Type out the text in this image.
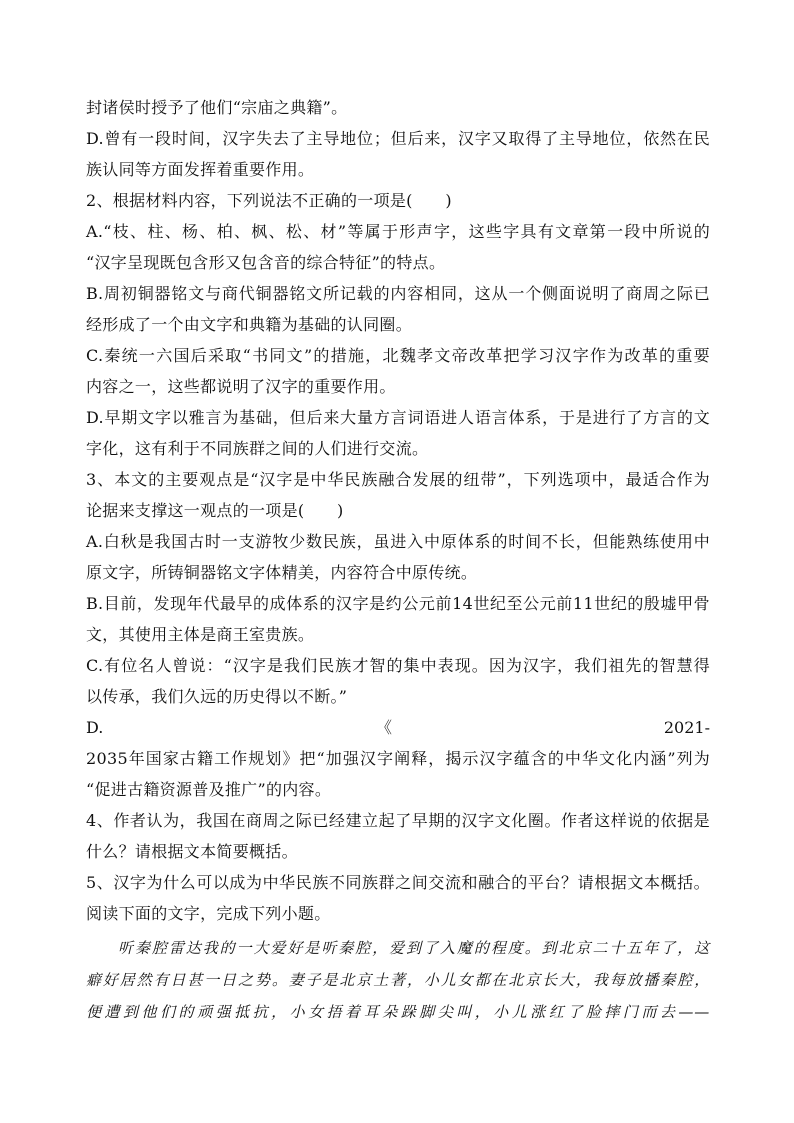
封诸侯时授予了他们“宗庙之典籍”。
D.曾有一段时间，汉字失去了主导地位；但后来，汉字又取得了主导地位，依然在民
族认同等方面发挥着重要作用。
2、根据材料内容，下列说法不正确的一项是(　　)
A.“枝、柱、杨、柏、枫、松、材”等属于形声字，这些字具有文章第一段中所说的
“汉字呈现既包含形又包含音的综合特征”的特点。
B.周初铜器铭文与商代铜器铭文所记载的内容相同，这从一个侧面说明了商周之际已
经形成了一个由文字和典籍为基础的认同圈。
C.秦统一六国后采取“书同文”的措施，北魏孝文帝改革把学习汉字作为改革的重要
内容之一，这些都说明了汉字的重要作用。
D.早期文字以雅言为基础，但后来大量方言词语进人语言体系，于是进行了方言的文
字化，这有利于不同族群之间的人们进行交流。
3、本文的主要观点是“汉字是中华民族融合发展的纽带”，下列选项中，最适合作为
论据来支撑这一观点的一项是(　　)
A.白秋是我国古时一支游牧少数民族，虽进入中原体系的时间不长，但能熟练使用中
原文字，所铸铜器铭文字体精美，内容符合中原传统。
B.目前，发现年代最早的成体系的汉字是约公元前14世纪至公元前11世纪的殷墟甲骨
文，其使用主体是商王室贵族。
C.有位名人曾说：“汉字是我们民族才智的集中表现。因为汉字，我们祖先的智慧得
以传承，我们久远的历史得以不断。”
D.	《	2021-
2035年国家古籍工作规划》把“加强汉字阐释，揭示汉字蕴含的中华文化内涵”列为
“促进古籍资源普及推广”的内容。
4、作者认为，我国在商周之际已经建立起了早期的汉字文化圈。作者这样说的依据是
什么？请根据文本简要概括。
5、汉字为什么可以成为中华民族不同族群之间交流和融合的平台？请根据文本概括。
阅读下面的文字，完成下列小题。
听秦腔雷达我的一大爱好是听秦腔，爱到了入魔的程度。到北京二十五年了，这
癖好居然有日甚一日之势。妻子是北京土著，小儿女都在北京长大，我每放播秦腔，
便遭到他们的顽强抵抗，小女捂着耳朵跺脚尖叫，小儿涨红了脸摔门而去——
